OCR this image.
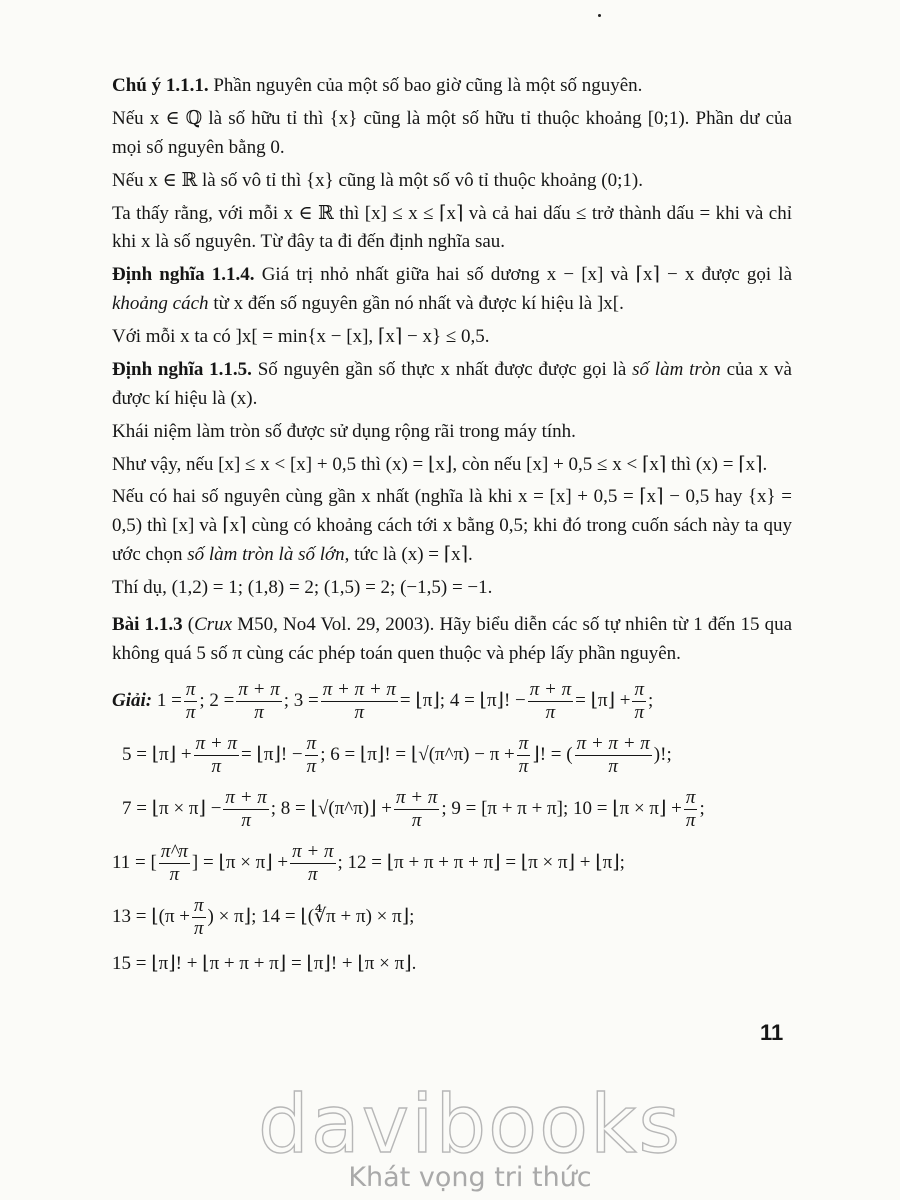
Chú ý 1.1.1. Phần nguyên của một số bao giờ cũng là một số nguyên.

Nếu x ∈ ℚ là số hữu tỉ thì {x} cũng là một số hữu tỉ thuộc khoảng [0;1). Phần dư của mọi số nguyên bằng 0.

Nếu x ∈ ℝ là số vô tỉ thì {x} cũng là một số vô tỉ thuộc khoảng (0;1).

Ta thấy rằng, với mỗi x ∈ ℝ thì [x] ≤ x ≤ ⌈x⌉ và cả hai dấu ≤ trở thành dấu = khi và chỉ khi x là số nguyên. Từ đây ta đi đến định nghĩa sau.

Định nghĩa 1.1.4. Giá trị nhỏ nhất giữa hai số dương x − [x] và ⌈x⌉ − x được gọi là khoảng cách từ x đến số nguyên gần nó nhất và được kí hiệu là ]x[.

Với mỗi x ta có ]x[ = min{x − [x], ⌈x⌉ − x} ≤ 0,5.

Định nghĩa 1.1.5. Số nguyên gần số thực x nhất được được gọi là số làm tròn của x và được kí hiệu là (x).

Khái niệm làm tròn số được sử dụng rộng rãi trong máy tính.

Như vậy, nếu [x] ≤ x < [x] + 0,5 thì (x) = ⌊x⌋, còn nếu [x] + 0,5 ≤ x < ⌈x⌉ thì (x) = ⌈x⌉.

Nếu có hai số nguyên cùng gần x nhất (nghĩa là khi x = [x] + 0,5 = ⌈x⌉ − 0,5 hay {x} = 0,5) thì [x] và ⌈x⌉ cùng có khoảng cách tới x bằng 0,5; khi đó trong cuốn sách này ta quy ước chọn số làm tròn là số lớn, tức là (x) = ⌈x⌉.

Thí dụ, (1,2) = 1; (1,8) = 2; (1,5) = 2; (−1,5) = −1.

Bài 1.1.3 (Crux M50, No4 Vol. 29, 2003). Hãy biểu diễn các số tự nhiên từ 1 đến 15 qua không quá 5 số π cùng các phép toán quen thuộc và phép lấy phần nguyên.

Giải:
$1 = \frac{\pi}{\pi}$ ; $2 = \frac{\pi + \pi}{\pi}$ ; $3 = \frac{\pi + \pi + \pi}{\pi}$ = ⌊π⌋; 4 = ⌊π⌋! − $\frac{\pi + \pi}{\pi}$ = ⌊π⌋ + $\frac{\pi}{\pi}$ ;
5 = ⌊π⌋ + $\frac{\pi + \pi}{\pi}$ = ⌊π⌋! − $\frac{\pi}{\pi}$ ; 6 = ⌊π⌋! = ⌊√(π^π) − $\pi + \frac{\pi}{\pi}$ ⌋! = ( $\frac{\pi + \pi + \pi}{\pi}$ )!;
7 = ⌊π × π⌋ − $\frac{\pi + \pi}{\pi}$ ; 8 = ⌊√(π^π)⌋ + $\frac{\pi + \pi}{\pi}$ ; 9 = [π + π + π]; 10 = ⌊π × π⌋ + $\frac{\pi}{\pi}$ ;
11 = [ $\frac{\pi\^{}\pi}{\pi}$ ] = ⌊π × π⌋ + $\frac{\pi + \pi}{\pi}$ ; 12 = ⌊π + π + π + π⌋ = ⌊π × π⌋ + ⌊π⌋;
13 = ⌊(π + $\frac{\pi}{\pi}$ ) × π⌋; 14 = ⌊(∜π + π) × π⌋;
15 = ⌊π⌋! + ⌊π + π + π⌋ = ⌊π⌋! + ⌊π × π⌋.
11
davibooks
Khát vọng tri thức
